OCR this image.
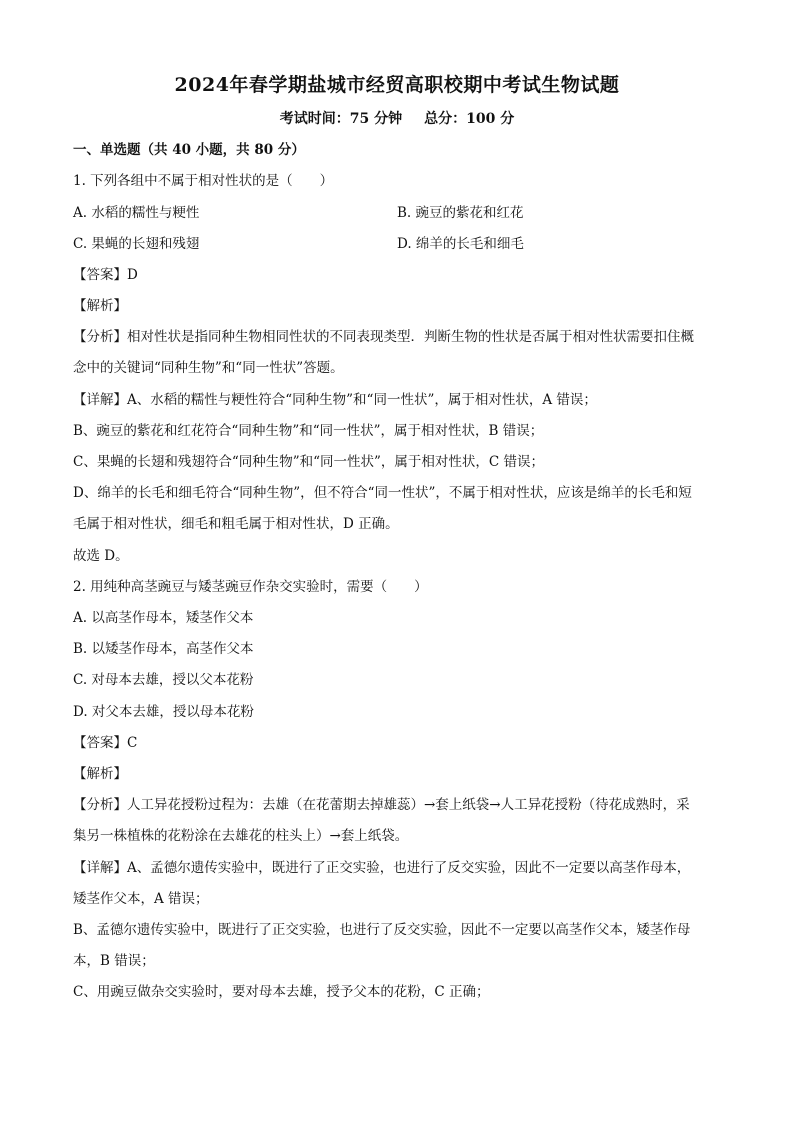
2024年春学期盐城市经贸高职校期中考试生物试题
考试时间：75 分钟 总分：100 分
一、单选题（共 40 小题，共 80 分）
1. 下列各组中不属于相对性状的是（　　）
A. 水稻的糯性与粳性	B. 豌豆的紫花和红花
C. 果蝇的长翅和残翅	D. 绵羊的长毛和细毛
【答案】D
【解析】
【分析】相对性状是指同种生物相同性状的不同表现类型．判断生物的性状是否属于相对性状需要扣住概
念中的关键词“同种生物”和“同一性状”答题。
【详解】A、水稻的糯性与粳性符合“同种生物”和“同一性状”，属于相对性状，A 错误；
B、豌豆的紫花和红花符合“同种生物”和“同一性状”，属于相对性状，B 错误；
C、果蝇的长翅和残翅符合“同种生物”和“同一性状”，属于相对性状，C 错误；
D、绵羊的长毛和细毛符合“同种生物”，但不符合“同一性状”，不属于相对性状，应该是绵羊的长毛和短
毛属于相对性状，细毛和粗毛属于相对性状，D 正确。
故选 D。
2. 用纯种高茎豌豆与矮茎豌豆作杂交实验时，需要（　　）
A. 以高茎作母本，矮茎作父本
B. 以矮茎作母本，高茎作父本
C. 对母本去雄，授以父本花粉
D. 对父本去雄，授以母本花粉
【答案】C
【解析】
【分析】人工异花授粉过程为：去雄（在花蕾期去掉雄蕊）→套上纸袋→人工异花授粉（待花成熟时，采
集另一株植株的花粉涂在去雄花的柱头上）→套上纸袋。
【详解】A、孟德尔遗传实验中，既进行了正交实验，也进行了反交实验，因此不一定要以高茎作母本，
矮茎作父本，A 错误；
B、孟德尔遗传实验中，既进行了正交实验，也进行了反交实验，因此不一定要以高茎作父本，矮茎作母
本，B 错误；
C、用豌豆做杂交实验时，要对母本去雄，授予父本的花粉，C 正确；
